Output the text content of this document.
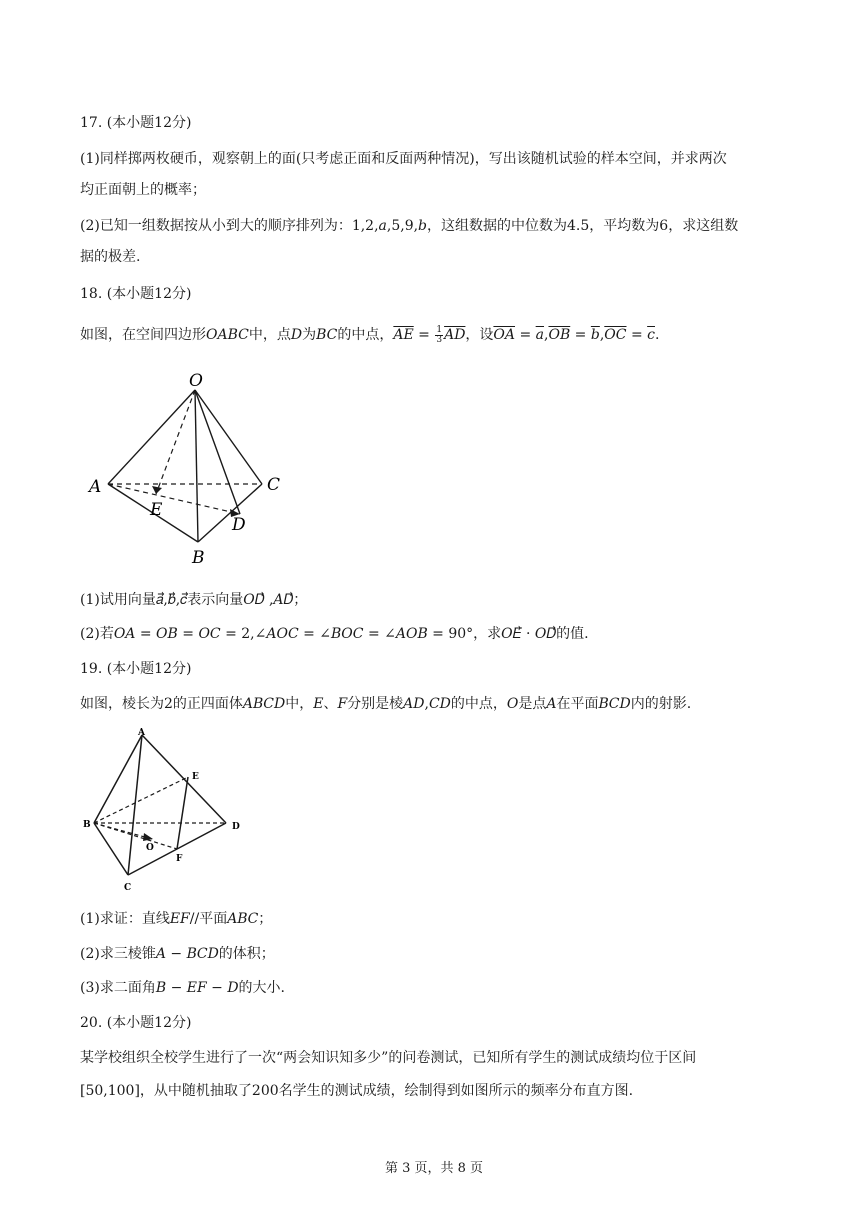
17. (本小题12分)
(1)同样掷两枚硬币，观察朝上的面(只考虑正面和反面两种情况)，写出该随机试验的样本空间，并求两次
均正面朝上的概率；
(2)已知一组数据按从小到大的顺序排列为：1,2,𝑎,5,9,𝑏，这组数据的中位数为4.5，平均数为6，求这组数
据的极差.
18. (本小题12分)
如图，在空间四边形OABC中，点D为BC的中点，$\overline{AE} = \frac{1}{3} \overline{AD}$，设$\overline{OA} = \overline{a},\overline{OB} = \overline{b},\overline{OC} = \overline{c}$.
O
A	C
E
D
B
(1)试用向量𝑎⃗,𝑏⃗,𝑐⃗表示向量𝑂𝐷⃗ ,𝐴𝐷⃗；
(2)若𝑂𝐴 = 𝑂𝐵 = 𝑂𝐶 = 2,∠𝐴𝑂𝐶 = ∠𝐵𝑂𝐶 = ∠𝐴𝑂𝐵 = 90°，求𝑂𝐸⃗ · 𝑂𝐷⃗的值.
19. (本小题12分)
如图，棱长为2的正四面体𝐴𝐵𝐶𝐷中，𝐸、𝐹分别是棱𝐴𝐷,𝐶𝐷的中点，𝑂是点𝐴在平面𝐵𝐶𝐷内的射影.
A
E
B	D
O
F
C
(1)求证：直线𝐸𝐹//平面𝐴𝐵𝐶；
(2)求三棱锥𝐴 − 𝐵𝐶𝐷的体积；
(3)求二面角𝐵 − 𝐸𝐹 − 𝐷的大小.
20. (本小题12分)
某学校组织全校学生进行了一次“两会知识知多少”的问卷测试，已知所有学生的测试成绩均位于区间
[50,100]，从中随机抽取了200名学生的测试成绩，绘制得到如图所示的频率分布直方图.
第 3 页，共 8 页
